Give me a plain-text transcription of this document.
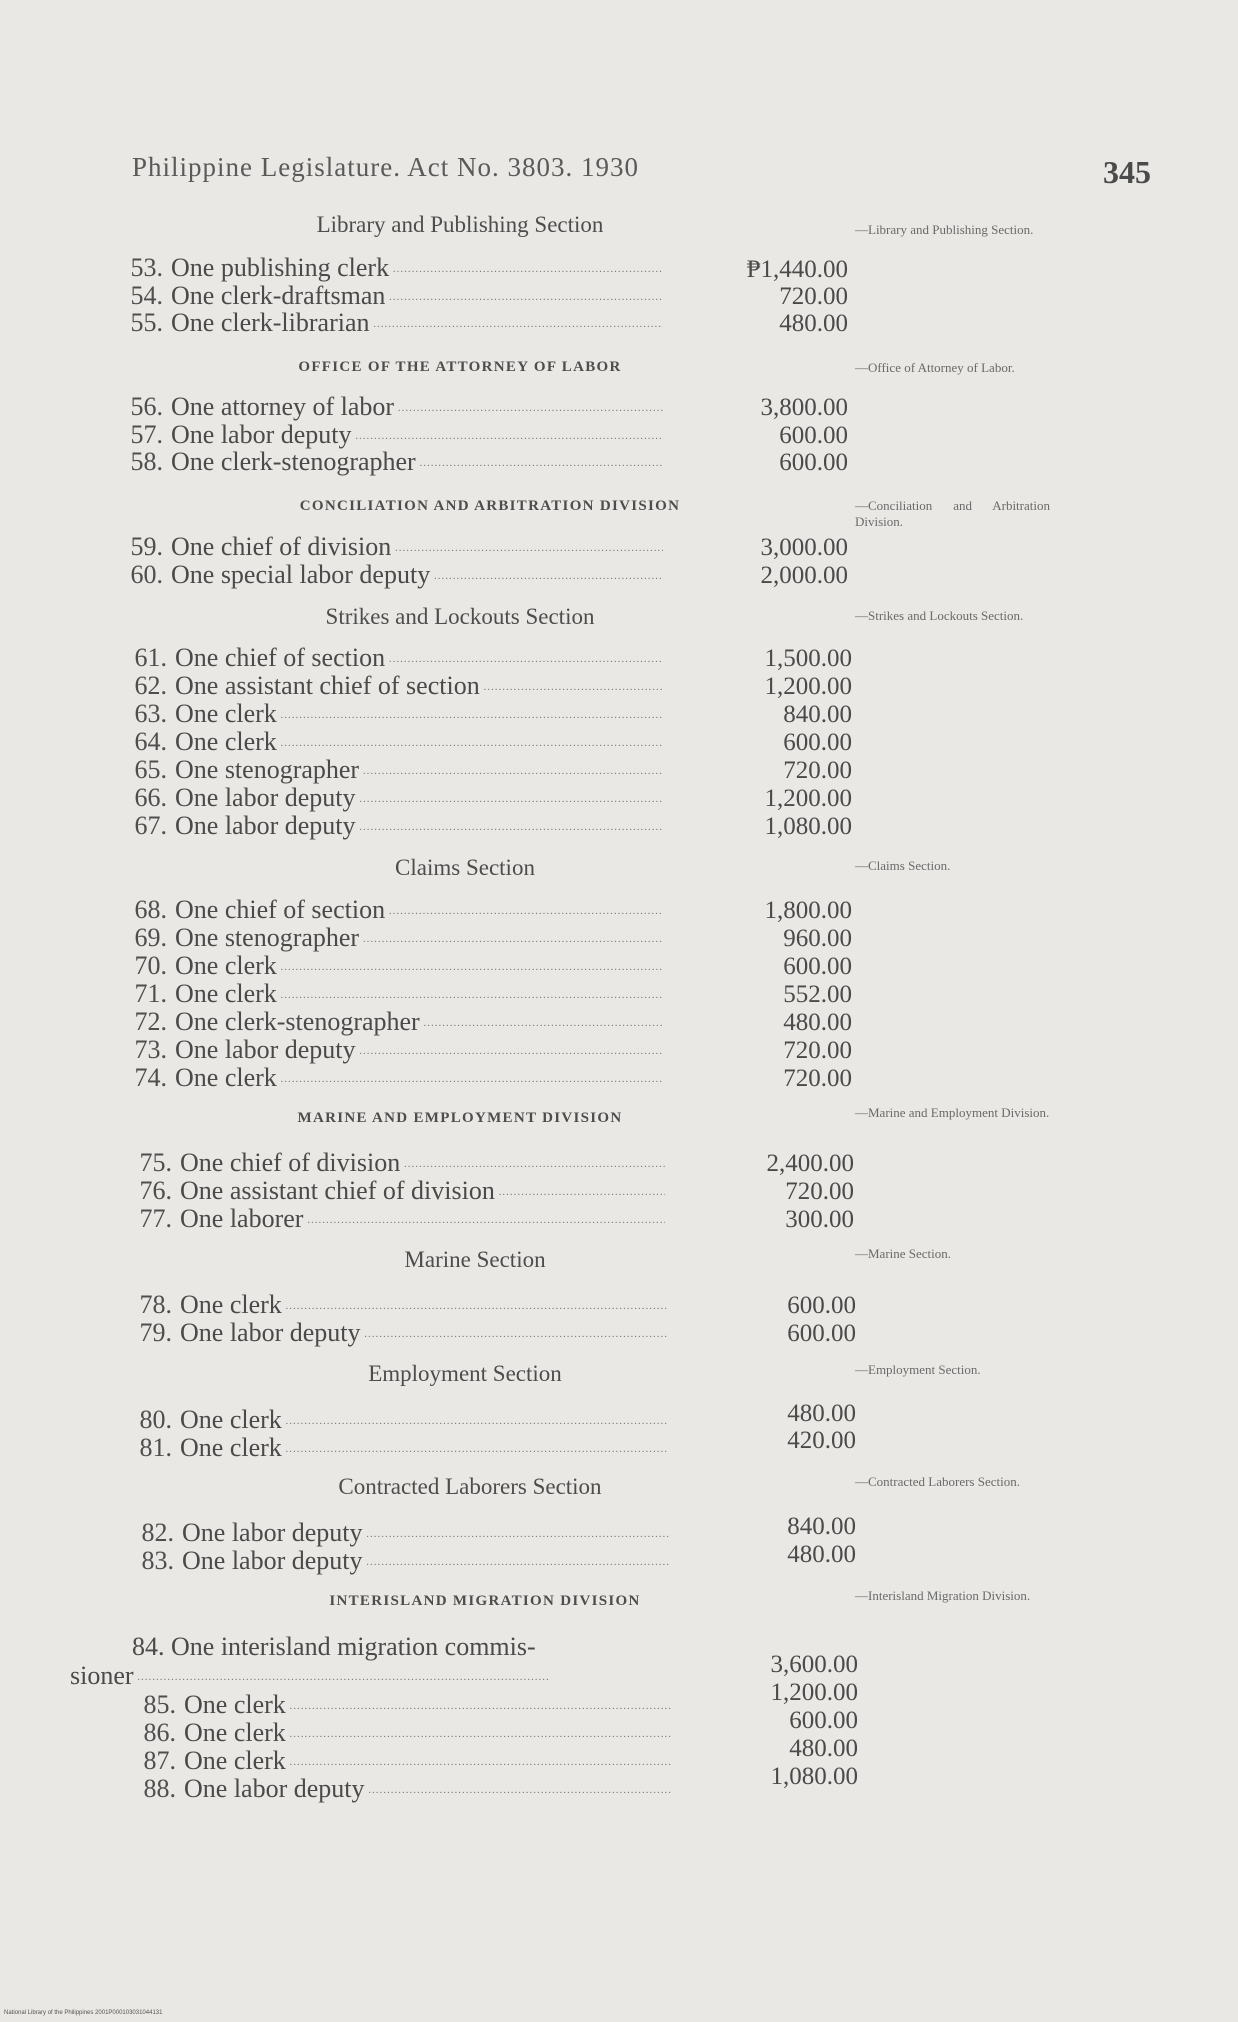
Philippine Legislature. Act No. 3803. 1930	345
Library and Publishing Section	—Library and Publishing Section.
53. One publishing clerk .....	₱1,440.00
54. One clerk-draftsman .....	720.00
55. One clerk-librarian .....	480.00
OFFICE OF THE ATTORNEY OF LABOR	—Office of Attorney of Labor.
56. One attorney of labor .....	3,800.00
57. One labor deputy .....	600.00
58. One clerk-stenographer .....	600.00
CONCILIATION AND ARBITRATION DIVISION	—Conciliation and Arbitration Division.
59. One chief of division .....	3,000.00
60. One special labor deputy .....	2,000.00
Strikes and Lockouts Section	—Strikes and Lockouts Section.
61. One chief of section .....	1,500.00
62. One assistant chief of section .....	1,200.00
63. One clerk .....	840.00
64. One clerk .....	600.00
65. One stenographer .....	720.00
66. One labor deputy .....	1,200.00
67. One labor deputy .....	1,080.00
Claims Section	—Claims Section.
68. One chief of section .....	1,800.00
69. One stenographer .....	960.00
70. One clerk .....	600.00
71. One clerk .....	552.00
72. One clerk-stenographer .....	480.00
73. One labor deputy .....	720.00
74. One clerk .....	720.00
MARINE AND EMPLOYMENT DIVISION	—Marine and Employment Division.
75. One chief of division .....	2,400.00
76. One assistant chief of division .....	720.00
77. One laborer .....	300.00
Marine Section	—Marine Section.
78. One clerk .....	600.00
79. One labor deputy .....	600.00
Employment Section	—Employment Section.
80. One clerk .....	480.00
81. One clerk .....	420.00
Contracted Laborers Section	—Contracted Laborers Section.
82. One labor deputy .....	840.00
83. One labor deputy .....	480.00
INTERISLAND MIGRATION DIVISION	—Interisland Migration Division.
84. One interisland migration commis-
sioner .....	3,600.00
85. One clerk .....	1,200.00
86. One clerk .....	600.00
87. One clerk .....	480.00
88. One labor deputy .....	1,080.00
National Library of the Philippines 2001P000103031044131
